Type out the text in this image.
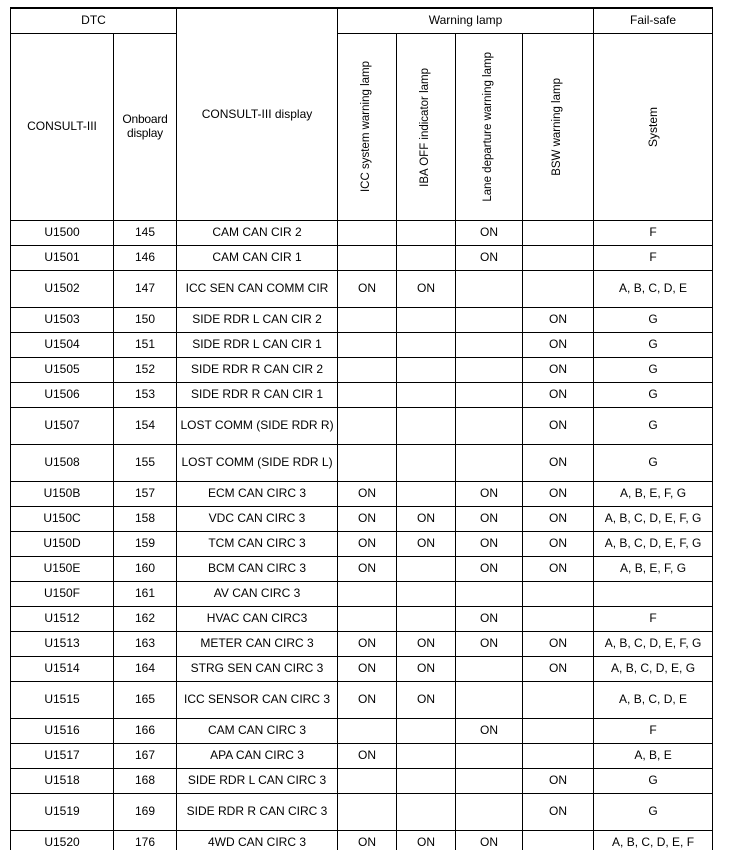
DTC		CONSULT-III display	Warning lamp				Fail-safe
CONSULT-III	Onboard display		ICC system warning lamp	IBA OFF indicator lamp	Lane departure warning lamp	BSW warning lamp	System

U1500	145	CAM CAN CIR 2			ON		F
U1501	146	CAM CAN CIR 1			ON		F
U1502	147	ICC SEN CAN COMM CIR	ON	ON			A, B, C, D, E
U1503	150	SIDE RDR L CAN CIR 2				ON	G
U1504	151	SIDE RDR L CAN CIR 1				ON	G
U1505	152	SIDE RDR R CAN CIR 2				ON	G
U1506	153	SIDE RDR R CAN CIR 1				ON	G
U1507	154	LOST COMM (SIDE RDR R)				ON	G
U1508	155	LOST COMM (SIDE RDR L)				ON	G
U150B	157	ECM CAN CIRC 3	ON		ON	ON	A, B, E, F, G
U150C	158	VDC CAN CIRC 3	ON	ON	ON	ON	A, B, C, D, E, F, G
U150D	159	TCM CAN CIRC 3	ON	ON	ON	ON	A, B, C, D, E, F, G
U150E	160	BCM CAN CIRC 3	ON		ON	ON	A, B, E, F, G
U150F	161	AV CAN CIRC 3					

U1512	162	HVAC CAN CIRC3			ON		F
U1513	163	METER CAN CIRC 3	ON	ON	ON	ON	A, B, C, D, E, F, G
U1514	164	STRG SEN CAN CIRC 3	ON	ON		ON	A, B, C, D, E, G
U1515	165	ICC SENSOR CAN CIRC 3	ON	ON			A, B, C, D, E
U1516	166	CAM CAN CIRC 3			ON		F
U1517	167	APA CAN CIRC 3	ON				A, B, E
U1518	168	SIDE RDR L CAN CIRC 3				ON	G
U1519	169	SIDE RDR R CAN CIRC 3				ON	G
U1520	176	4WD CAN CIRC 3	ON	ON	ON		A, B, C, D, E, F
